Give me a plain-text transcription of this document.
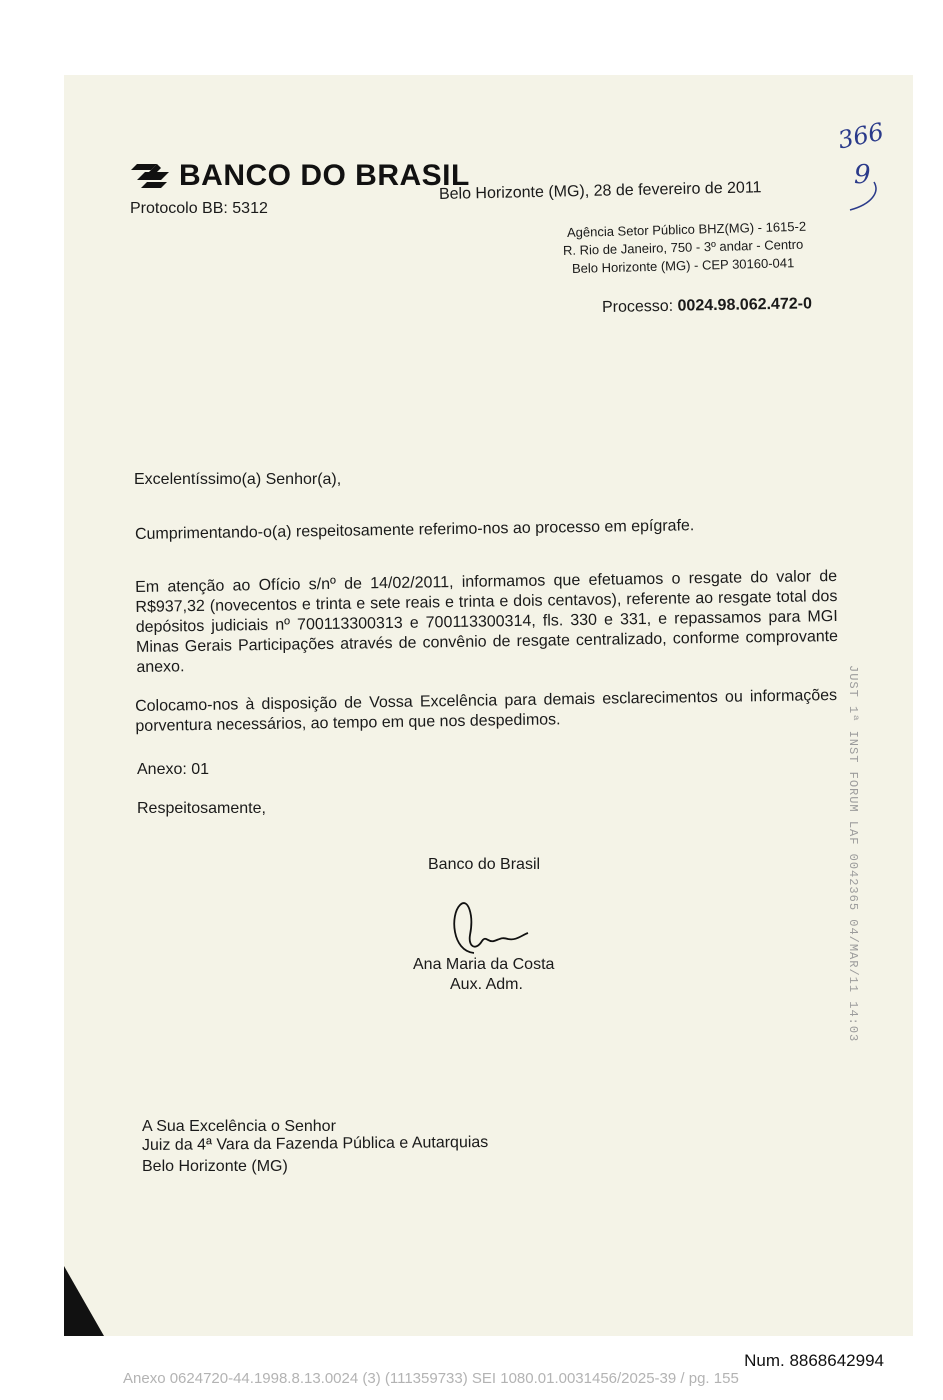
BANCO DO BRASIL
Protocolo BB: 5312
Belo Horizonte (MG), 28 de fevereiro de 2011
366
9
Agência Setor Público BHZ(MG) - 1615-2
R. Rio de Janeiro, 750 - 3º andar - Centro
Belo Horizonte (MG) - CEP 30160-041
Processo: 0024.98.062.472-0
Excelentíssimo(a) Senhor(a),
Cumprimentando-o(a) respeitosamente referimo-nos ao processo em epígrafe.
Em atenção ao Ofício s/nº de 14/02/2011, informamos que efetuamos o resgate do valor de R$937,32 (novecentos e trinta e sete reais e trinta e dois centavos), referente ao resgate total dos depósitos judiciais nº 700113300313 e 700113300314, fls. 330 e 331, e repassamos para MGI Minas Gerais Participações através de convênio de resgate centralizado, conforme comprovante anexo.
Colocamo-nos à disposição de Vossa Excelência para demais esclarecimentos ou informações porventura necessários, ao tempo em que nos despedimos.
Anexo: 01
Respeitosamente,
Banco do Brasil
Ana Maria da Costa
Aux. Adm.
A Sua Excelência o Senhor
Juiz da 4ª Vara da Fazenda Pública e Autarquias
Belo Horizonte (MG)
JUST 1ª INST FORUM LAF 0042365 04/MAR/11 14:03
Num. 8868642994
Anexo 0624720-44.1998.8.13.0024 (3) (111359733) SEI 1080.01.0031456/2025-39 / pg. 155
